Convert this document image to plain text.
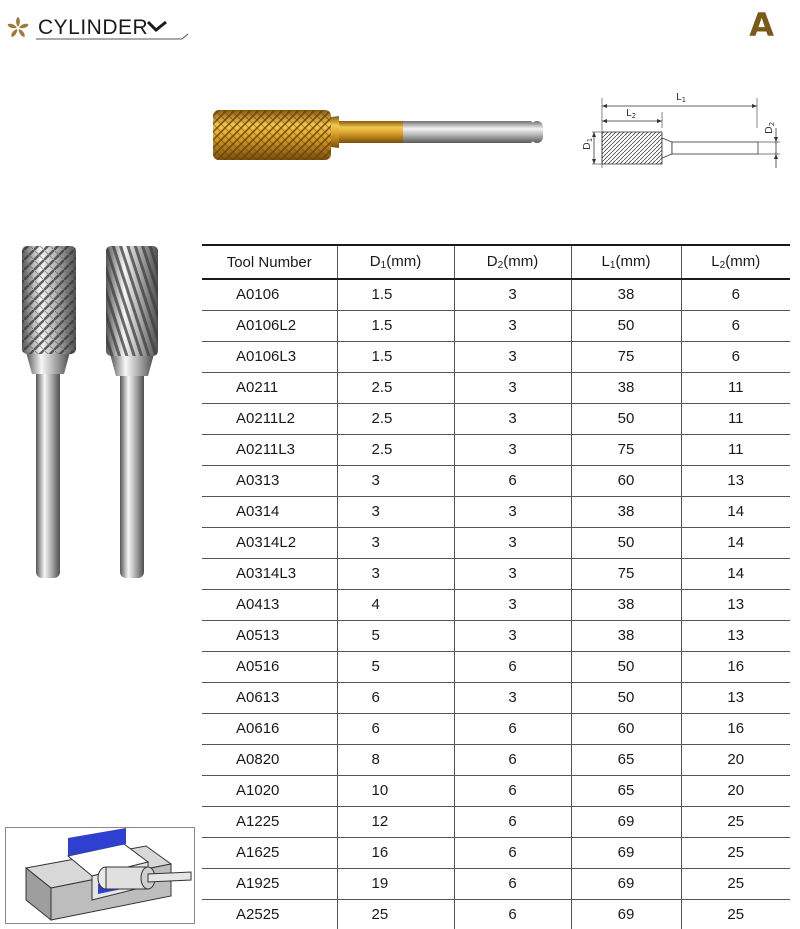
CYLINDER	A
$L_1$
$L_2$
$D_1$
$D_2$
Tool Number	$D_1(mm)$	$D_2(mm)$	$L_1(mm)$	$L_2(mm)$
A0106	1.5	3	38	6
A0106L2	1.5	3	50	6
A0106L3	1.5	3	75	6
A0211	2.5	3	38	11
A0211L2	2.5	3	50	11
A0211L3	2.5	3	75	11
A0313	3	6	60	13
A0314	3	3	38	14
A0314L2	3	3	50	14
A0314L3	3	3	75	14
A0413	4	3	38	13
A0513	5	3	38	13
A0516	5	6	50	16
A0613	6	3	50	13
A0616	6	6	60	16
A0820	8	6	65	20
A1020	10	6	65	20
A1225	12	6	69	25
A1625	16	6	69	25
A1925	19	6	69	25
A2525	25	6	69	25
